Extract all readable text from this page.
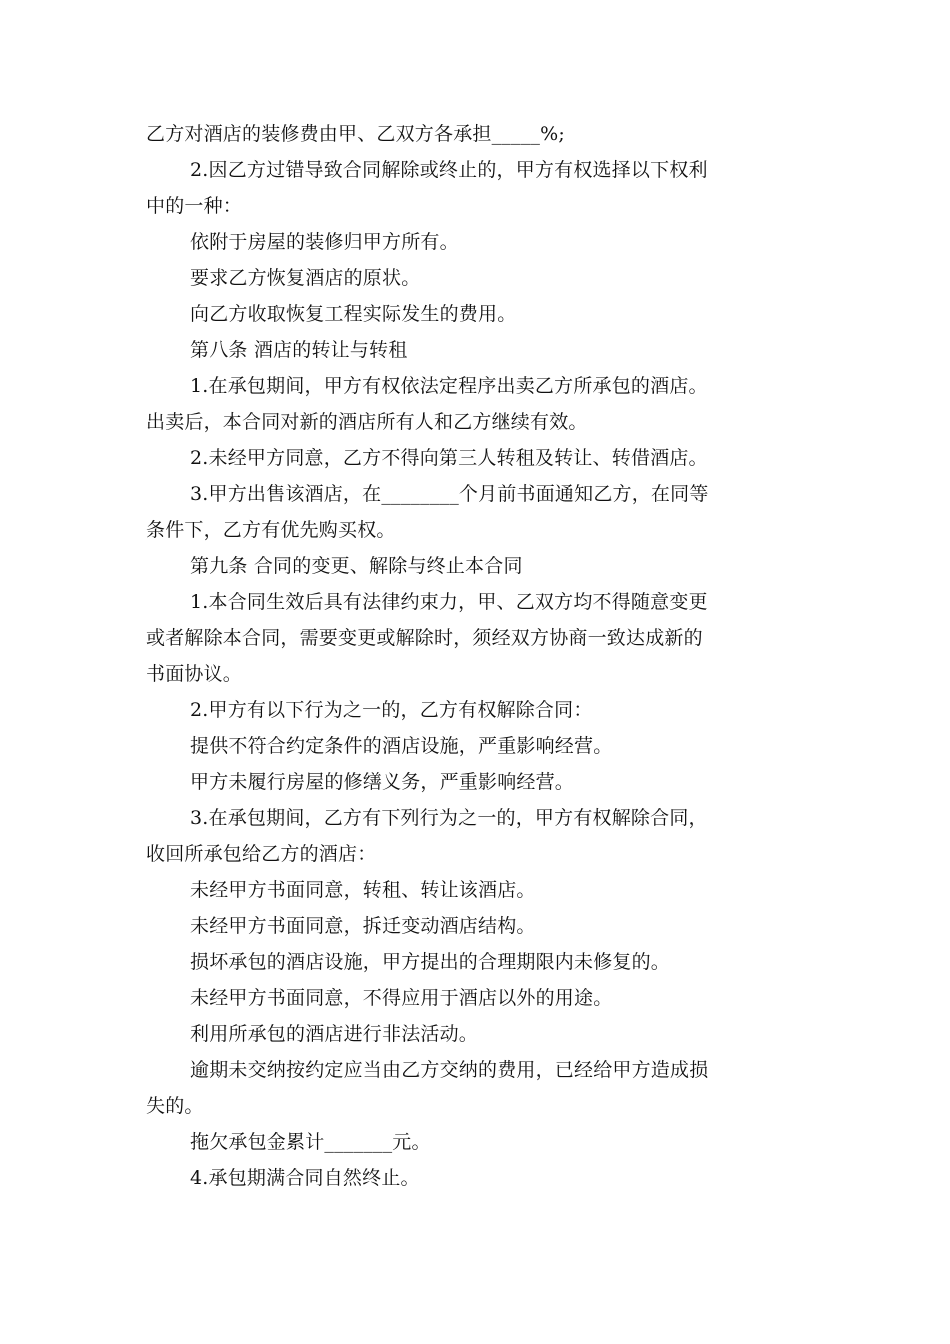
乙方对酒店的装修费由甲、乙双方各承担_____%;
2.因乙方过错导致合同解除或终止的，甲方有权选择以下权利
中的一种：
依附于房屋的装修归甲方所有。
要求乙方恢复酒店的原状。
向乙方收取恢复工程实际发生的费用。
第八条 酒店的转让与转租
1.在承包期间，甲方有权依法定程序出卖乙方所承包的酒店。
出卖后，本合同对新的酒店所有人和乙方继续有效。
2.未经甲方同意，乙方不得向第三人转租及转让、转借酒店。
3.甲方出售该酒店，在________个月前书面通知乙方，在同等
条件下，乙方有优先购买权。
第九条 合同的变更、解除与终止本合同
1.本合同生效后具有法律约束力，甲、乙双方均不得随意变更
或者解除本合同，需要变更或解除时，须经双方协商一致达成新的
书面协议。
2.甲方有以下行为之一的，乙方有权解除合同：
提供不符合约定条件的酒店设施，严重影响经营。
甲方未履行房屋的修缮义务，严重影响经营。
3.在承包期间，乙方有下列行为之一的，甲方有权解除合同，
收回所承包给乙方的酒店：
未经甲方书面同意，转租、转让该酒店。
未经甲方书面同意，拆迁变动酒店结构。
损坏承包的酒店设施，甲方提出的合理期限内未修复的。
未经甲方书面同意，不得应用于酒店以外的用途。
利用所承包的酒店进行非法活动。
逾期未交纳按约定应当由乙方交纳的费用，已经给甲方造成损
失的。
拖欠承包金累计_______元。
4.承包期满合同自然终止。
